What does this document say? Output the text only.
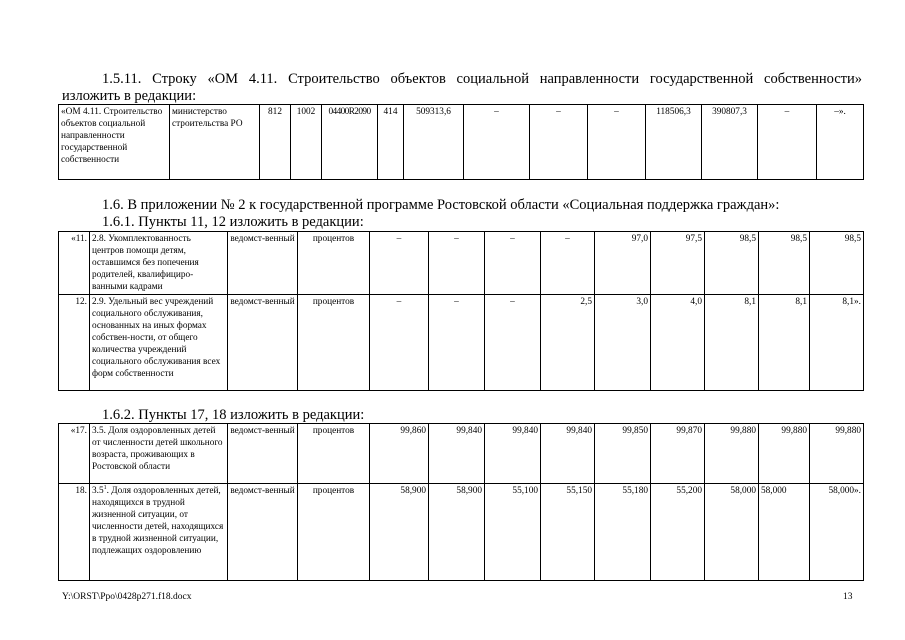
1.5.11. Строку «ОМ 4.11. Строительство объектов социальной направленности государственной собственности»
изложить в редакции:
«ОМ 4.11. Строительство объектов социальной направленности государственной собственности	министерство строительства РО	812	1002	04400R2090	414	509313,6	–	–	–	118506,3	390807,3	–	–».
1.6. В приложении № 2 к государственной программе Ростовской области «Социальная поддержка граждан»:
1.6.1. Пункты 11, 12 изложить в редакции:
«11.	2.8. Укомплектованность центров помощи детям, оставшимся без попечения родителей, квалифициро-ванными кадрами	ведомст-венный	процентов	–	–	–	–	97,0	97,5	98,5	98,5	98,5
12.	2.9. Удельный вес учреждений социального обслуживания, основанных на иных формах собствен-ности, от общего количества учреждений социального обслуживания всех форм собственности	ведомст-венный	процентов	–	–	–	2,5	3,0	4,0	8,1	8,1	8,1».
1.6.2. Пункты 17, 18 изложить в редакции:
«17.	3.5. Доля оздоровленных детей от численности детей школьного возраста, проживающих в Ростовской области	ведомст-венный	процентов	99,860	99,840	99,840	99,840	99,850	99,870	99,880	99,880	99,880
18.	$3.5^1$. Доля оздоровленных детей, находящихся в трудной жизненной ситуации, от численности детей, находящихся в трудной жизненной ситуации, подлежащих оздоровлению	ведомст-венный	процентов	58,900	58,900	55,100	55,150	55,180	55,200	58,000	58,000	58,000».
Y:\ORST\Ppo\0428p271.f18.docx	13
